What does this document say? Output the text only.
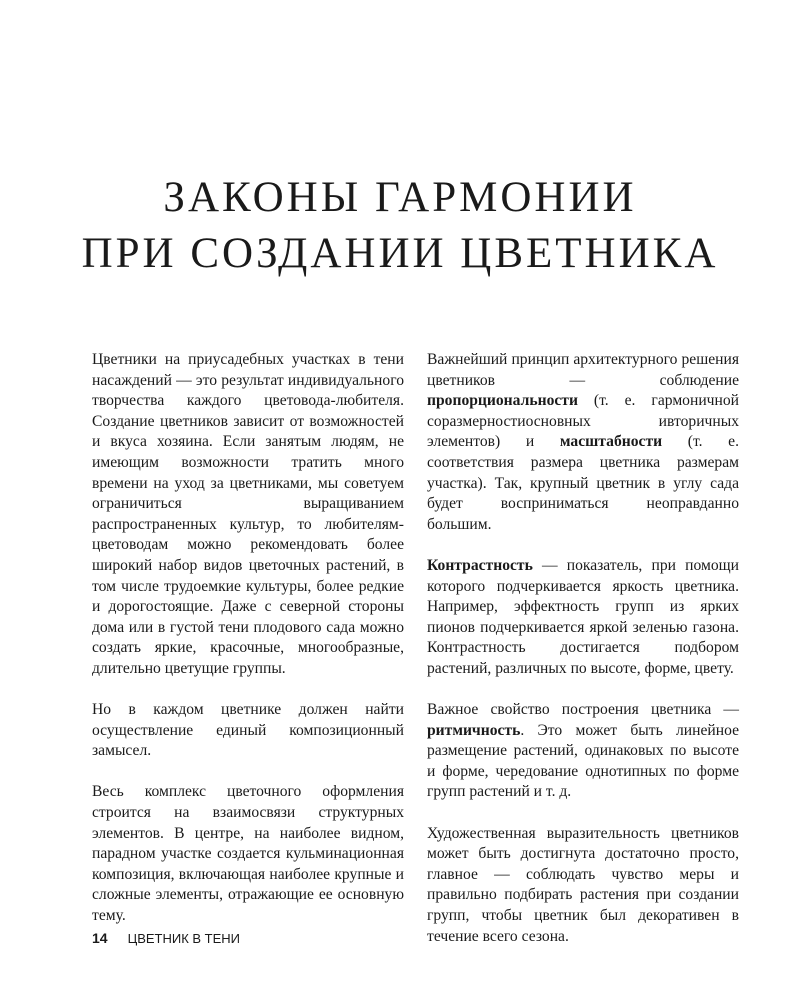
ЗАКОНЫ ГАРМОНИИ
ПРИ СОЗДАНИИ ЦВЕТНИКА

Цветники на приусадебных участках в тени насаждений — это результат индивидуального творчества каждого цветовода-любителя. Создание цветников зависит от возможностей и вкуса хозяина. Если занятым людям, не имеющим возможности тратить много времени на уход за цветниками, мы советуем ограничиться выращиванием распространенных культур, то любителям-цветоводам можно рекомендовать более широкий набор видов цветочных растений, в том числе трудоемкие культуры, более редкие и дорогостоящие. Даже с северной стороны дома или в густой тени плодового сада можно создать яркие, красочные, многообразные, длительно цветущие группы.

Но в каждом цветнике должен найти осуществление единый композиционный замысел.

Весь комплекс цветочного оформления строится на взаимосвязи структурных элементов. В центре, на наиболее видном, парадном участке создается кульминационная композиция, включающая наиболее крупные и сложные элементы, отражающие ее основную тему.

Важнейший принцип архитектурного решения цветников — соблюдение пропорциональности (т. е. гармоничной соразмерностиосновных ивторичных элементов) и масштабности (т. е. соответствия размера цветника размерам участка). Так, крупный цветник в углу сада будет восприниматься неоправданно большим.

Контрастность — показатель, при помощи которого подчеркивается яркость цветника. Например, эффектность групп из ярких пионов подчеркивается яркой зеленью газона. Контрастность достигается подбором растений, различных по высоте, форме, цвету.

Важное свойство построения цветника — ритмичность. Это может быть линейное размещение растений, одинаковых по высоте и форме, чередование однотипных по форме групп растений и т. д.

Художественная выразительность цветников может быть достигнута достаточно просто, главное — соблюдать чувство меры и правильно подбирать растения при создании групп, чтобы цветник был декоративен в течение всего сезона.

14 ЦВЕТНИК В ТЕНИ
